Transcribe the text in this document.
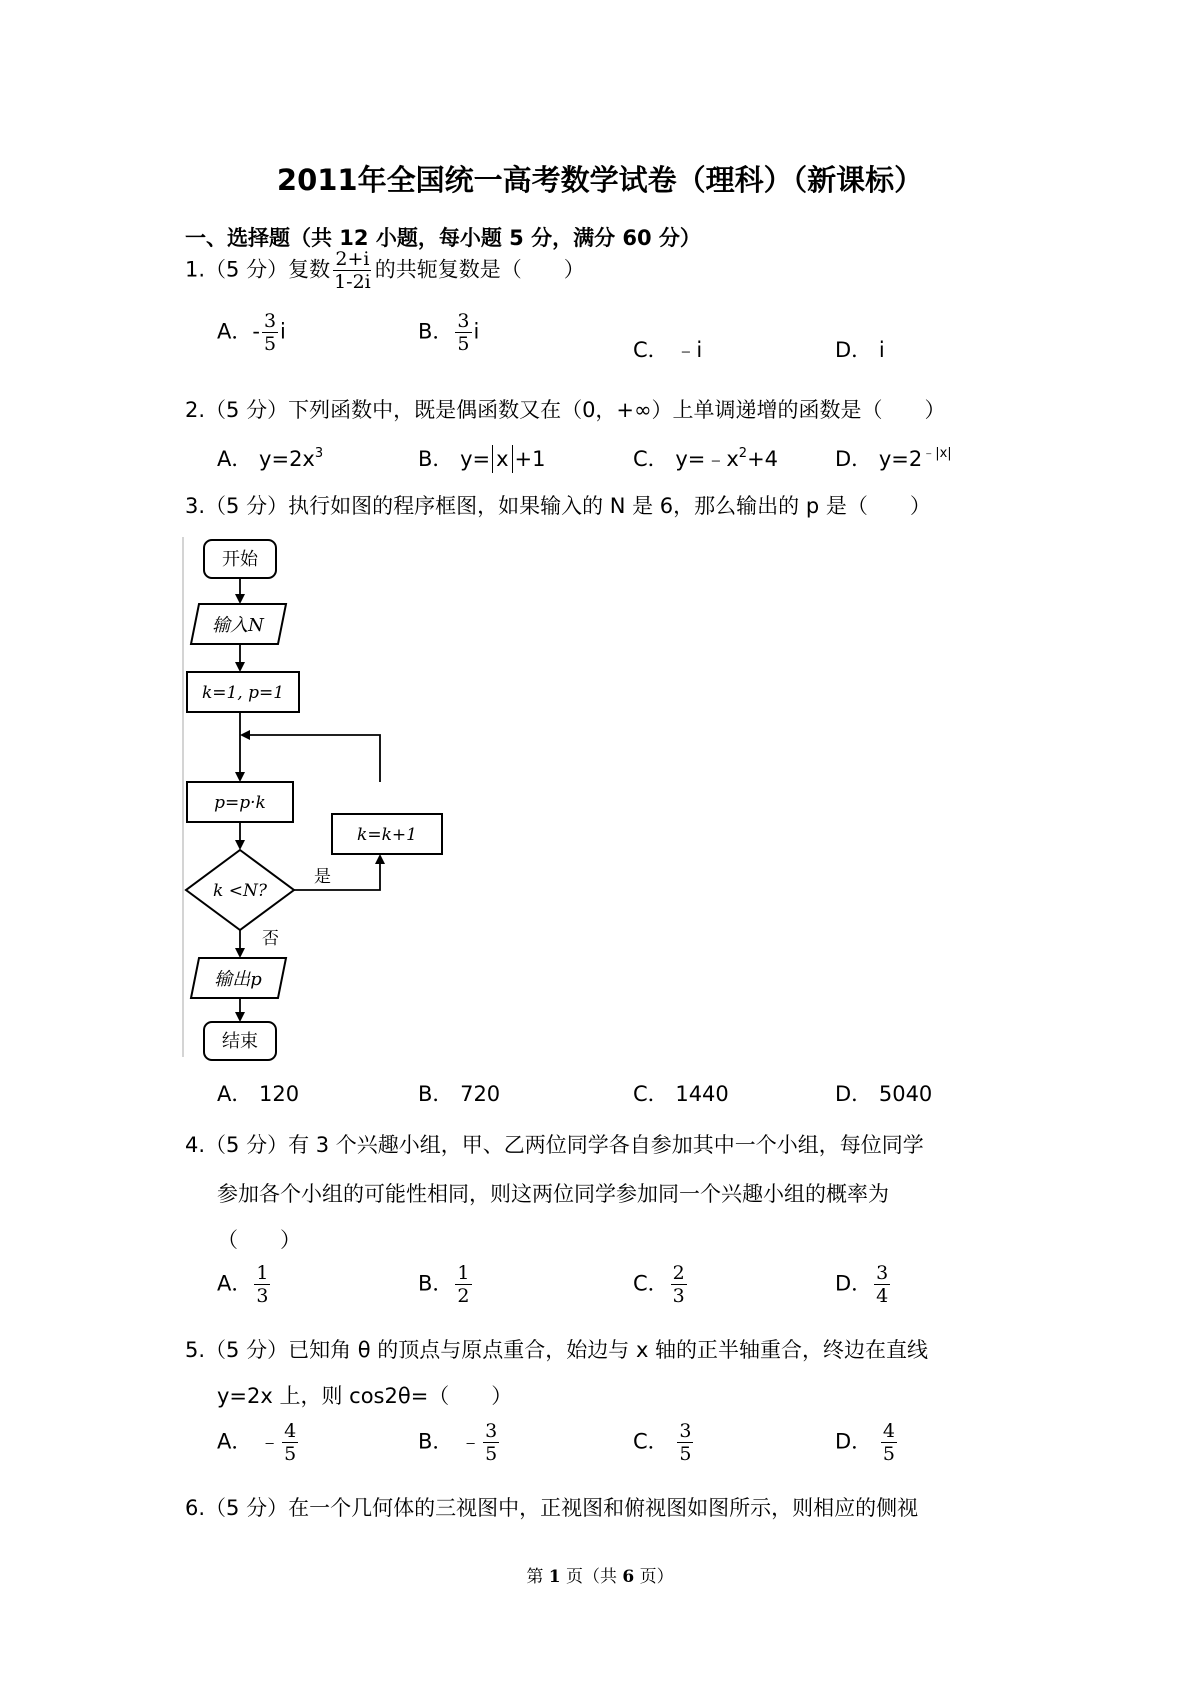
2011年全国统一高考数学试卷（理科）（新课标）
一、选择题（共 12 小题，每小题 5 分，满分 60 分）
1.（5 分）复数 $\frac{2+i}{1-2i}$ 的共轭复数是（　　）
A．- $\frac{3}{5}$ i	B． $\frac{3}{5}$ i
C． ﹣i	D． i
2.（5 分）下列函数中，既是偶函数又在（0，+∞）上单调递增的函数是（　　）
A． $y=2x^3$	B． y= x +1	C． $y=﹣x^2+4$	D． $y=2^{﹣|x|}$
3.（5 分）执行如图的程序框图，如果输入的 N 是 6，那么输出的 p 是（　　）
开始
输入N
k=1, p=1
p=p·k
k=k+1
k <N?
是
否
输出p
结束
A． 120	B． 720	C． 1440	D． 5040
4.（5 分）有 3 个兴趣小组，甲、乙两位同学各自参加其中一个小组，每位同学
参加各个小组的可能性相同，则这两位同学参加同一个兴趣小组的概率为
（　　）
A． $\frac{1}{3}$	B． $\frac{1}{2}$	C． $\frac{2}{3}$	D． $\frac{3}{4}$
5.（5 分）已知角 θ 的顶点与原点重合，始边与 x 轴的正半轴重合，终边在直线
y=2x 上，则 cos2θ=（　　）
A． ﹣ $\frac{4}{5}$	B． ﹣ $\frac{3}{5}$	C． $\frac{3}{5}$	D． $\frac{4}{5}$
6.（5 分）在一个几何体的三视图中，正视图和俯视图如图所示，则相应的侧视
第 1 页（共 6 页）
